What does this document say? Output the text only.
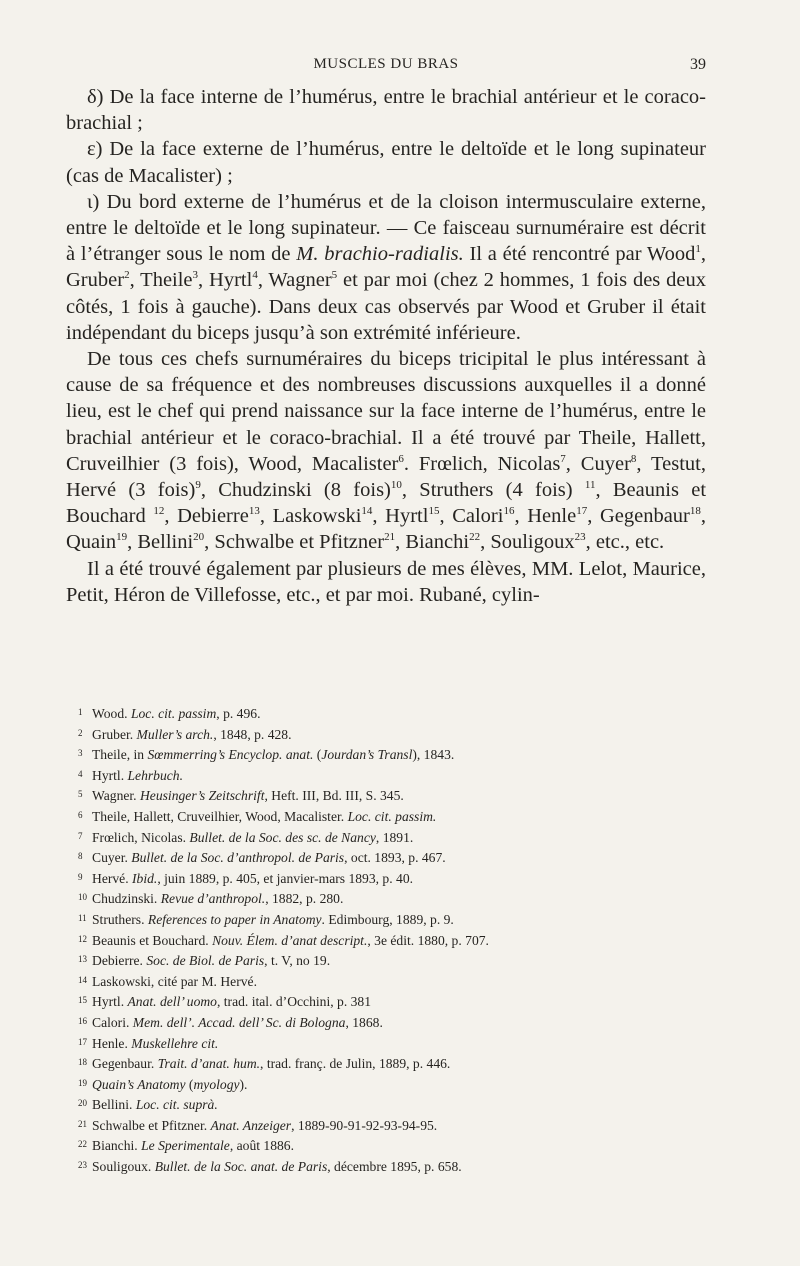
MUSCLES DU BRAS	39

δ) De la face interne de l’humérus, entre le brachial antérieur et le coraco-brachial ;

ε) De la face externe de l’humérus, entre le deltoïde et le long supinateur (cas de Macalister) ;

ι) Du bord externe de l’humérus et de la cloison intermusculaire externe, entre le deltoïde et le long supinateur. — Ce faisceau surnuméraire est décrit à l’étranger sous le nom de M. brachio-radialis. Il a été rencontré par Wood$^1$, Gruber$^2$, Theile$^3$, Hyrtl$^4$, Wagner$^5$ et par moi (chez 2 hommes, 1 fois des deux côtés, 1 fois à gauche). Dans deux cas observés par Wood et Gruber il était indépendant du biceps jusqu’à son extrémité inférieure.

De tous ces chefs surnuméraires du biceps tricipital le plus intéressant à cause de sa fréquence et des nombreuses discussions auxquelles il a donné lieu, est le chef qui prend naissance sur la face interne de l’humérus, entre le brachial antérieur et le coraco-brachial. Il a été trouvé par Theile, Hallett, Cruveilhier (3 fois), Wood, Macalister$^6$. Frœlich, Nicolas$^7$, Cuyer$^8$, Testut, Hervé (3 fois)$^9$, Chudzinski (8 fois)$^{10}$, Struthers (4 fois) $^{11}$, Beaunis et Bouchard $^{12}$, Debierre$^{13}$, Laskowski$^{14}$, Hyrtl$^{15}$, Calori$^{16}$, Henle$^{17}$, Gegenbaur$^{18}$, Quain$^{19}$, Bellini$^{20}$, Schwalbe et Pfitzner$^{21}$, Bianchi$^{22}$, Souligoux$^{23}$, etc., etc.

Il a été trouvé également par plusieurs de mes élèves, MM. Lelot, Maurice, Petit, Héron de Villefosse, etc., et par moi. Rubané, cylin-

1 Wood. Loc. cit. passim, p. 496.
2 Gruber. Muller’s arch., 1848, p. 428.
3 Theile, in Sœmmerring’s Encyclop. anat. (Jourdan’s Transl), 1843.
4 Hyrtl. Lehrbuch.
5 Wagner. Heusinger’s Zeitschrift, Heft. III, Bd. III, S. 345.
6 Theile, Hallett, Cruveilhier, Wood, Macalister. Loc. cit. passim.
7 Frœlich, Nicolas. Bullet. de la Soc. des sc. de Nancy, 1891.
8 Cuyer. Bullet. de la Soc. d’anthropol. de Paris, oct. 1893, p. 467.
9 Hervé. Ibid., juin 1889, p. 405, et janvier-mars 1893, p. 40.
10 Chudzinski. Revue d’anthropol., 1882, p. 280.
11 Struthers. References to paper in Anatomy. Edimbourg, 1889, p. 9.
12 Beaunis et Bouchard. Nouv. Élem. d’anat descript., 3e édit. 1880, p. 707.
13 Debierre. Soc. de Biol. de Paris, t. V, no 19.
14 Laskowski, cité par M. Hervé.
15 Hyrtl. Anat. dell’ uomo, trad. ital. d’Occhini, p. 381
16 Calori. Mem. dell’. Accad. dell’ Sc. di Bologna, 1868.
17 Henle. Muskellehre cit.
18 Gegenbaur. Trait. d’anat. hum., trad. franç. de Julin, 1889, p. 446.
19 Quain’s Anatomy (myology).
20 Bellini. Loc. cit. suprà.
21 Schwalbe et Pfitzner. Anat. Anzeiger, 1889-90-91-92-93-94-95.
22 Bianchi. Le Sperimentale, août 1886.
23 Souligoux. Bullet. de la Soc. anat. de Paris, décembre 1895, p. 658.
